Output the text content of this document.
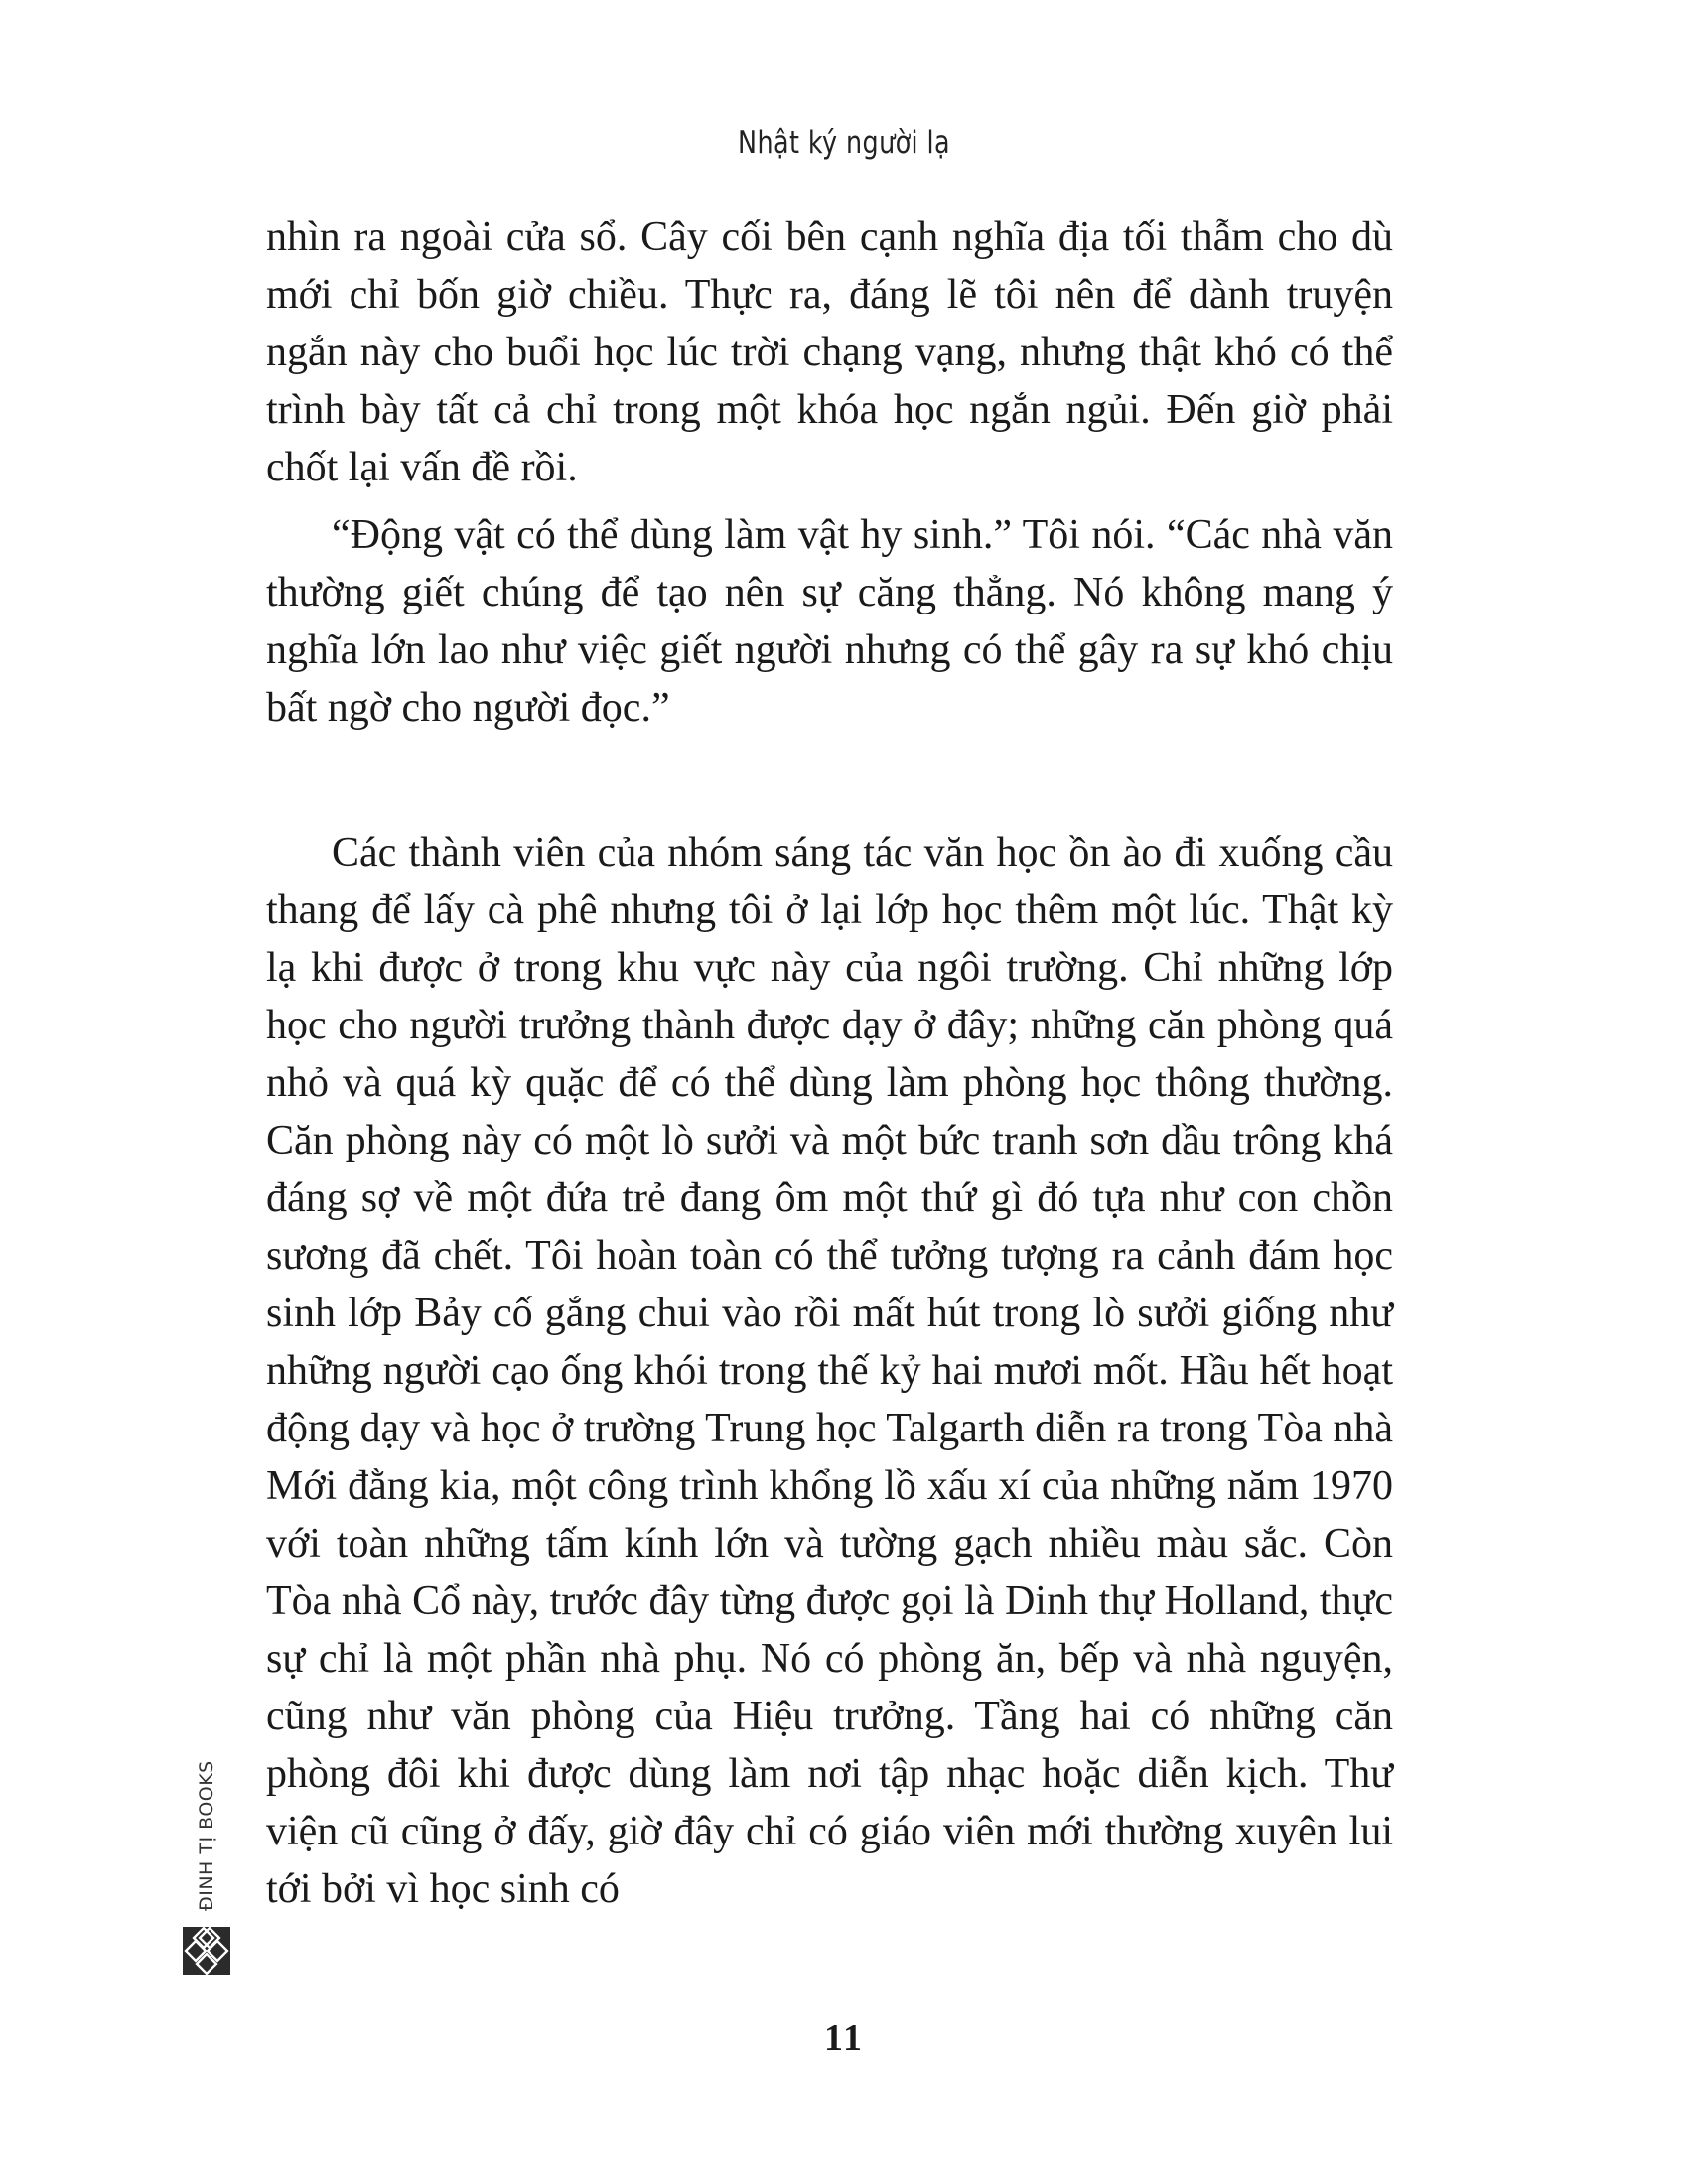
Nhật ký người lạ

nhìn ra ngoài cửa sổ. Cây cối bên cạnh nghĩa địa tối thẫm cho dù mới chỉ bốn giờ chiều. Thực ra, đáng lẽ tôi nên để dành truyện ngắn này cho buổi học lúc trời chạng vạng, nhưng thật khó có thể trình bày tất cả chỉ trong một khóa học ngắn ngủi. Đến giờ phải chốt lại vấn đề rồi.

“Động vật có thể dùng làm vật hy sinh.” Tôi nói. “Các nhà văn thường giết chúng để tạo nên sự căng thẳng. Nó không mang ý nghĩa lớn lao như việc giết người nhưng có thể gây ra sự khó chịu bất ngờ cho người đọc.”

Các thành viên của nhóm sáng tác văn học ồn ào đi xuống cầu thang để lấy cà phê nhưng tôi ở lại lớp học thêm một lúc. Thật kỳ lạ khi được ở trong khu vực này của ngôi trường. Chỉ những lớp học cho người trưởng thành được dạy ở đây; những căn phòng quá nhỏ và quá kỳ quặc để có thể dùng làm phòng học thông thường. Căn phòng này có một lò sưởi và một bức tranh sơn dầu trông khá đáng sợ về một đứa trẻ đang ôm một thứ gì đó tựa như con chồn sương đã chết. Tôi hoàn toàn có thể tưởng tượng ra cảnh đám học sinh lớp Bảy cố gắng chui vào rồi mất hút trong lò sưởi giống như những người cạo ống khói trong thế kỷ hai mươi mốt. Hầu hết hoạt động dạy và học ở trường Trung học Talgarth diễn ra trong Tòa nhà Mới đằng kia, một công trình khổng lồ xấu xí của những năm 1970 với toàn những tấm kính lớn và tường gạch nhiều màu sắc. Còn Tòa nhà Cổ này, trước đây từng được gọi là Dinh thự Holland, thực sự chỉ là một phần nhà phụ. Nó có phòng ăn, bếp và nhà nguyện, cũng như văn phòng của Hiệu trưởng. Tầng hai có những căn phòng đôi khi được dùng làm nơi tập nhạc hoặc diễn kịch. Thư viện cũ cũng ở đấy, giờ đây chỉ có giáo viên mới thường xuyên lui tới bởi vì học sinh có

ĐINH TỊ BOOKS
11
